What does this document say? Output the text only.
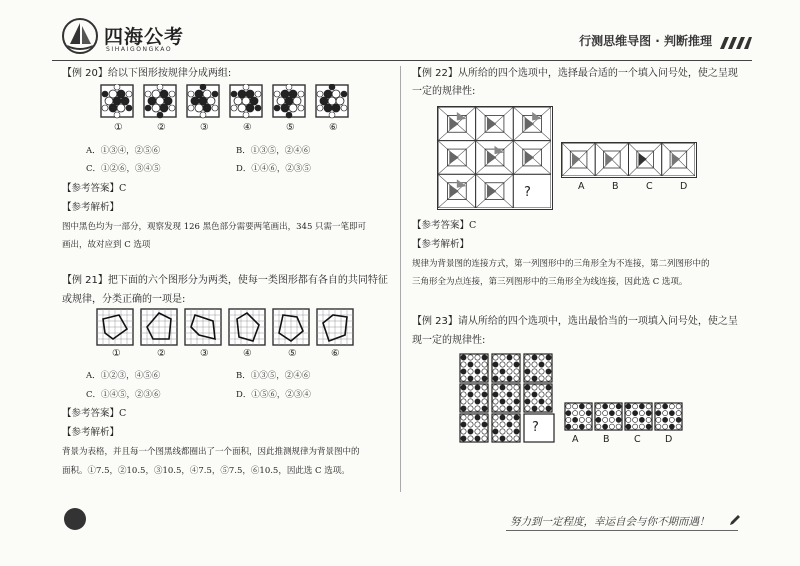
四海公考
SIHAIGONGKAO
行测思维导图 · 判断推理
【例 20】给以下图形按规律分成两组:
①	②	③	④	⑤	⑥
A．①③④，②⑤⑥	B．①③⑤，②④⑥
C．①②⑥，③④⑤	D．①④⑥，②③⑤
【参考答案】C
【参考解析】
图中黑色均为一部分，观察发现 126 黑色部分需要两笔画出，345 只需一笔即可
画出，故对应到 C 选项
【例 21】把下面的六个图形分为两类，使每一类图形都有各自的共同特征
或规律，分类正确的一项是:
①	②	③	④	⑤	⑥
A．①②③，④⑤⑥	B．①③⑤，②④⑥
C．①④⑤，②③⑥	D．①⑤⑥，②③④
【参考答案】C
【参考解析】
背景为表格，并且每一个图黑线都圈出了一个面积，因此推测规律为背景图中的
面积。①7.5，②10.5，③10.5，④7.5，⑤7.5，⑥10.5，因此选 C 选项。
【例 22】从所给的四个选项中，选择最合适的一个填入问号处，使之呈现
一定的规律性:
?	A	B	C	D
【参考答案】C
【参考解析】
规律为背景图的连接方式，第一列图形中的三角形全为不连接，第二列图形中的
三角形全为点连接，第三列图形中的三角形全为线连接，因此选 C 选项。
【例 23】请从所给的四个选项中，选出最恰当的一项填入问号处，使之呈
现一定的规律性:
?
A	B	C	D
努力到一定程度，幸运自会与你不期而遇！
